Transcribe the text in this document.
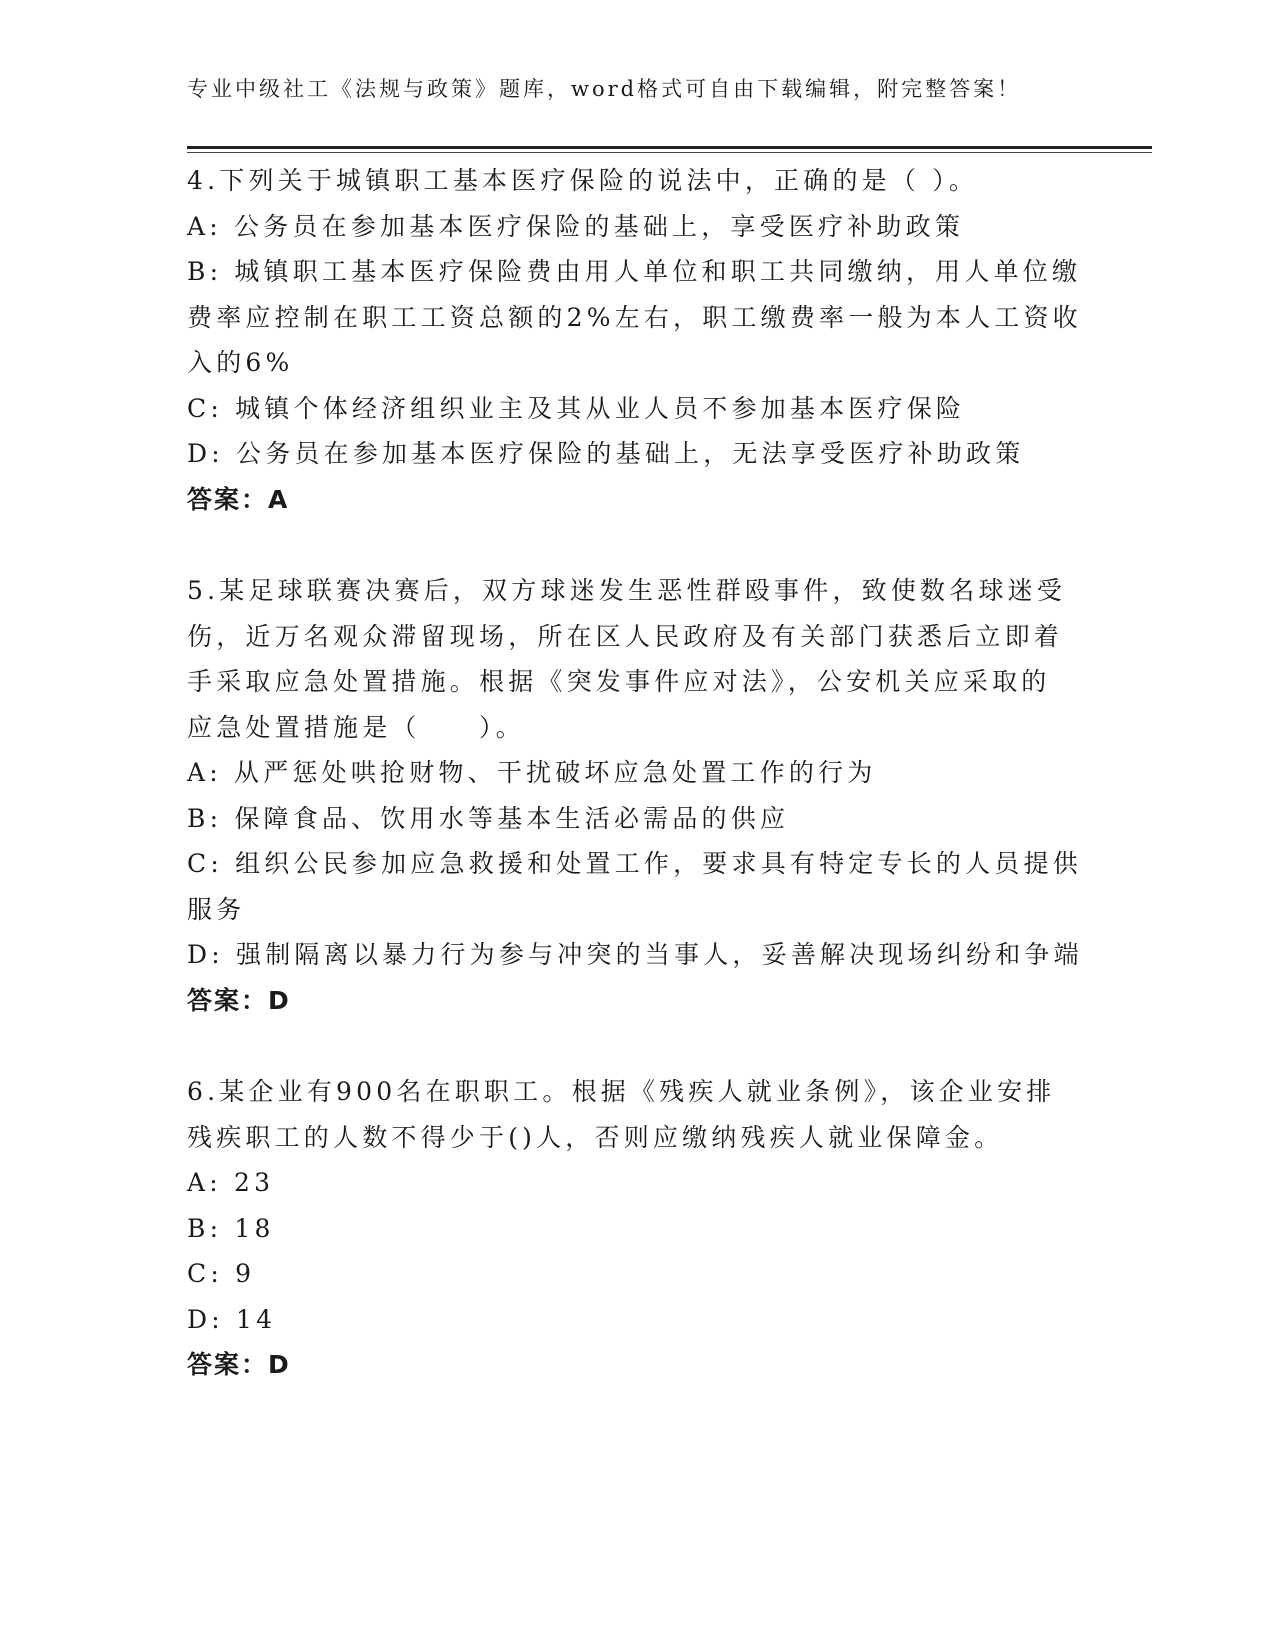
专业中级社工《法规与政策》题库，word格式可自由下载编辑，附完整答案！

4.下列关于城镇职工基本医疗保险的说法中，正确的是（ ）。

A: 公务员在参加基本医疗保险的基础上，享受医疗补助政策

B: 城镇职工基本医疗保险费由用人单位和职工共同缴纳，用人单位缴

费率应控制在职工工资总额的2%左右，职工缴费率一般为本人工资收

入的6%

C: 城镇个体经济组织业主及其从业人员不参加基本医疗保险

D: 公务员在参加基本医疗保险的基础上，无法享受医疗补助政策

答案：A

5.某足球联赛决赛后，双方球迷发生恶性群殴事件，致使数名球迷受

伤，近万名观众滞留现场，所在区人民政府及有关部门获悉后立即着

手采取应急处置措施。根据《突发事件应对法》，公安机关应采取的

应急处置措施是（　　）。

A: 从严惩处哄抢财物、干扰破坏应急处置工作的行为

B: 保障食品、饮用水等基本生活必需品的供应

C: 组织公民参加应急救援和处置工作，要求具有特定专长的人员提供

服务

D: 强制隔离以暴力行为参与冲突的当事人，妥善解决现场纠纷和争端

答案：D

6.某企业有900名在职职工。根据《残疾人就业条例》，该企业安排

残疾职工的人数不得少于()人，否则应缴纳残疾人就业保障金。

A: 23

B: 18

C: 9

D: 14

答案：D
